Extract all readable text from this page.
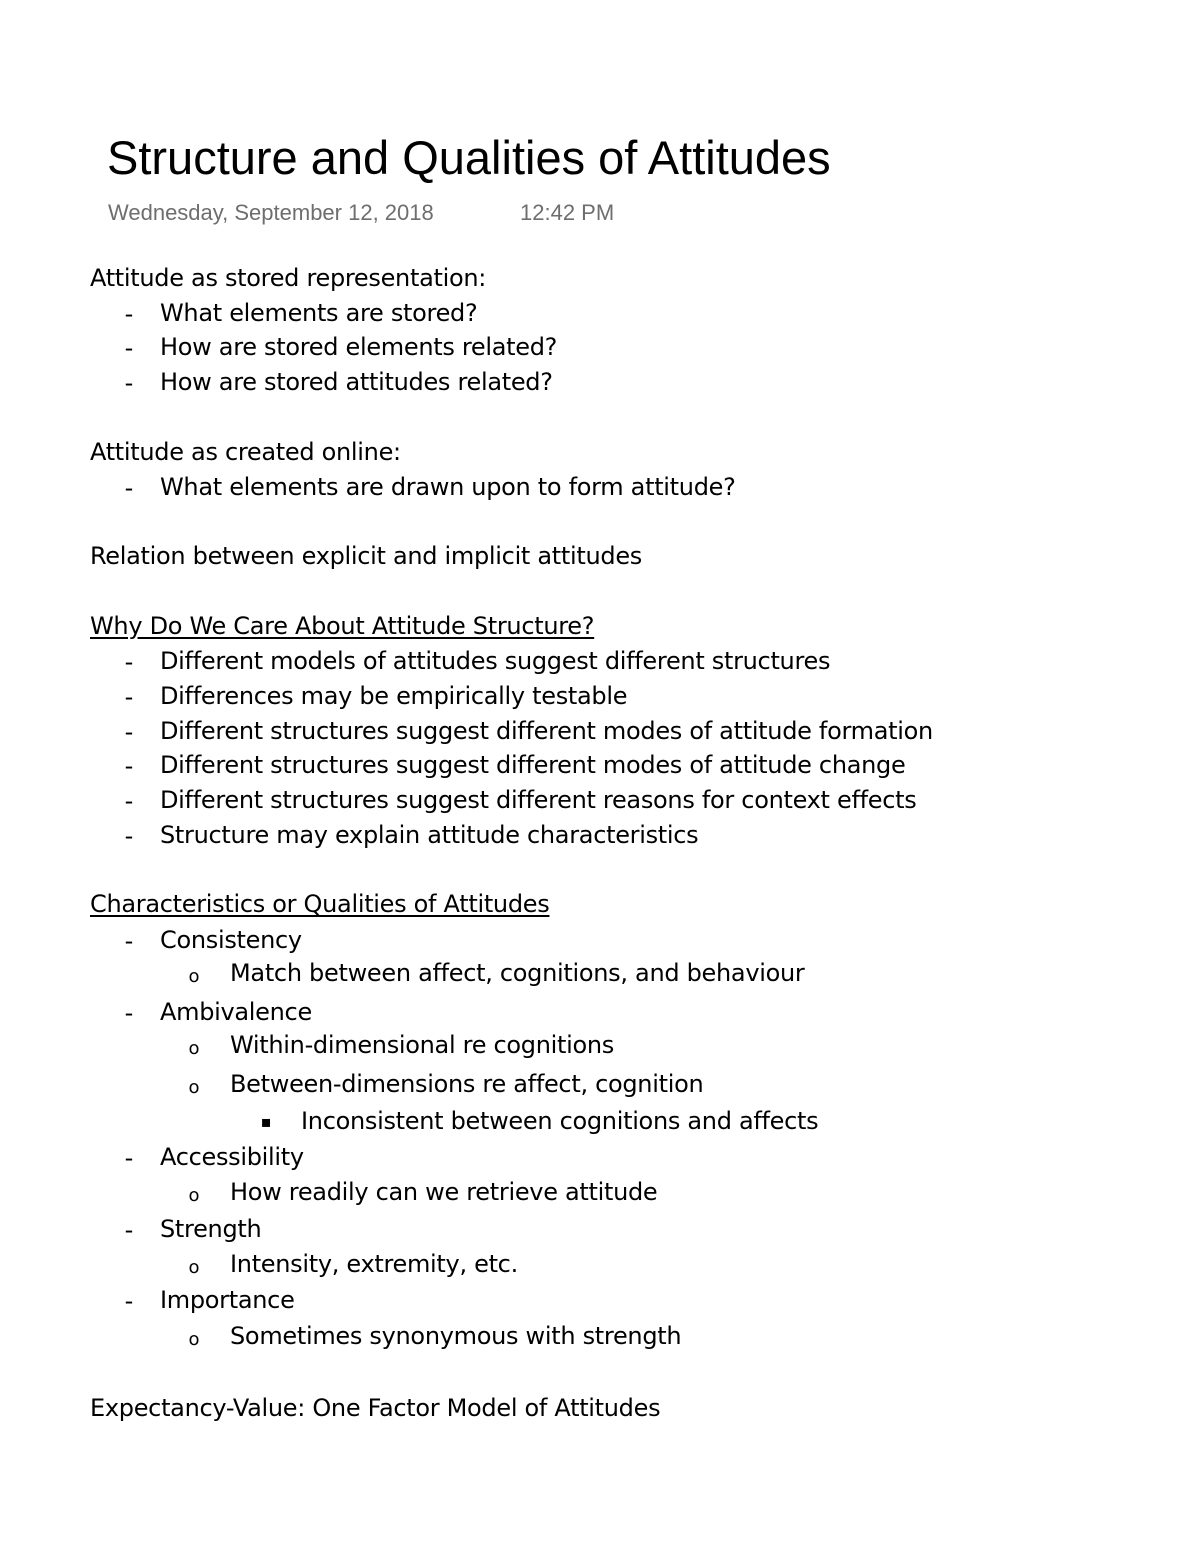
Structure and Qualities of Attitudes
Wednesday, September 12, 2018	12:42 PM
Attitude as stored representation:
- What elements are stored?
- How are stored elements related?
- How are stored attitudes related?
Attitude as created online:
- What elements are drawn upon to form attitude?
Relation between explicit and implicit attitudes
Why Do We Care About Attitude Structure?
- Different models of attitudes suggest different structures
- Differences may be empirically testable
- Different structures suggest different modes of attitude formation
- Different structures suggest different modes of attitude change
- Different structures suggest different reasons for context effects
- Structure may explain attitude characteristics
Characteristics or Qualities of Attitudes
- Consistency
o Match between affect, cognitions, and behaviour
- Ambivalence
o Within-dimensional re cognitions
o Between-dimensions re affect, cognition
▪ Inconsistent between cognitions and affects
- Accessibility
o How readily can we retrieve attitude
- Strength
o Intensity, extremity, etc.
- Importance
o Sometimes synonymous with strength
Expectancy-Value: One Factor Model of Attitudes
